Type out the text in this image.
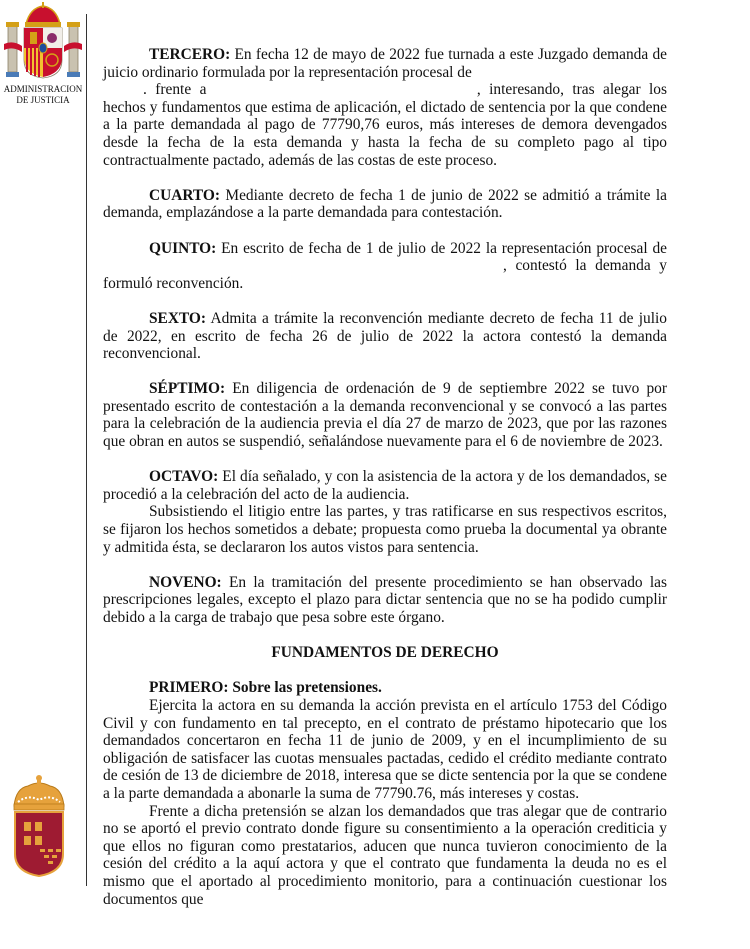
ADMINISTRACION
DE JUSTICIA

TERCERO: En fecha 12 de mayo de 2022 fue turnada a este Juzgado demanda de juicio ordinario formulada por la representación procesal de
. frente a	, interesando, tras alegar los hechos y fundamentos que estima de aplicación, el dictado de sentencia por la que condene a la parte demandada al pago de 77790,76 euros, más intereses de demora devengados desde la fecha de la esta demanda y hasta la fecha de su completo pago al tipo contractualmente pactado, además de las costas de este proceso.

CUARTO: Mediante decreto de fecha 1 de junio de 2022 se admitió a trámite la demanda, emplazándose a la parte demandada para contestación.

QUINTO: En escrito de fecha de 1 de julio de 2022 la representación procesal de , contestó la demanda y formuló reconvención.

SEXTO: Admita a trámite la reconvención mediante decreto de fecha 11 de julio de 2022, en escrito de fecha 26 de julio de 2022 la actora contestó la demanda reconvencional.

SÉPTIMO: En diligencia de ordenación de 9 de septiembre 2022 se tuvo por presentado escrito de contestación a la demanda reconvencional y se convocó a las partes para la celebración de la audiencia previa el día 27 de marzo de 2023, que por las razones que obran en autos se suspendió, señalándose nuevamente para el 6 de noviembre de 2023.

OCTAVO: El día señalado, y con la asistencia de la actora y de los demandados, se procedió a la celebración del acto de la audiencia.

Subsistiendo el litigio entre las partes, y tras ratificarse en sus respectivos escritos, se fijaron los hechos sometidos a debate; propuesta como prueba la documental ya obrante y admitida ésta, se declararon los autos vistos para sentencia.

NOVENO: En la tramitación del presente procedimiento se han observado las prescripciones legales, excepto el plazo para dictar sentencia que no se ha podido cumplir debido a la carga de trabajo que pesa sobre este órgano.

FUNDAMENTOS DE DERECHO

PRIMERO: Sobre las pretensiones.

Ejercita la actora en su demanda la acción prevista en el artículo 1753 del Código Civil y con fundamento en tal precepto, en el contrato de préstamo hipotecario que los demandados concertaron en fecha 11 de junio de 2009, y en el incumplimiento de su obligación de satisfacer las cuotas mensuales pactadas, cedido el crédito mediante contrato de cesión de 13 de diciembre de 2018, interesa que se dicte sentencia por la que se condene a la parte demandada a abonarle la suma de 77790.76, más intereses y costas.

Frente a dicha pretensión se alzan los demandados que tras alegar que de contrario no se aportó el previo contrato donde figure su consentimiento a la operación crediticia y que ellos no figuran como prestatarios, aducen que nunca tuvieron conocimiento de la cesión del crédito a la aquí actora y que el contrato que fundamenta la deuda no es el mismo que el aportado al procedimiento monitorio, para a continuación cuestionar los documentos que
